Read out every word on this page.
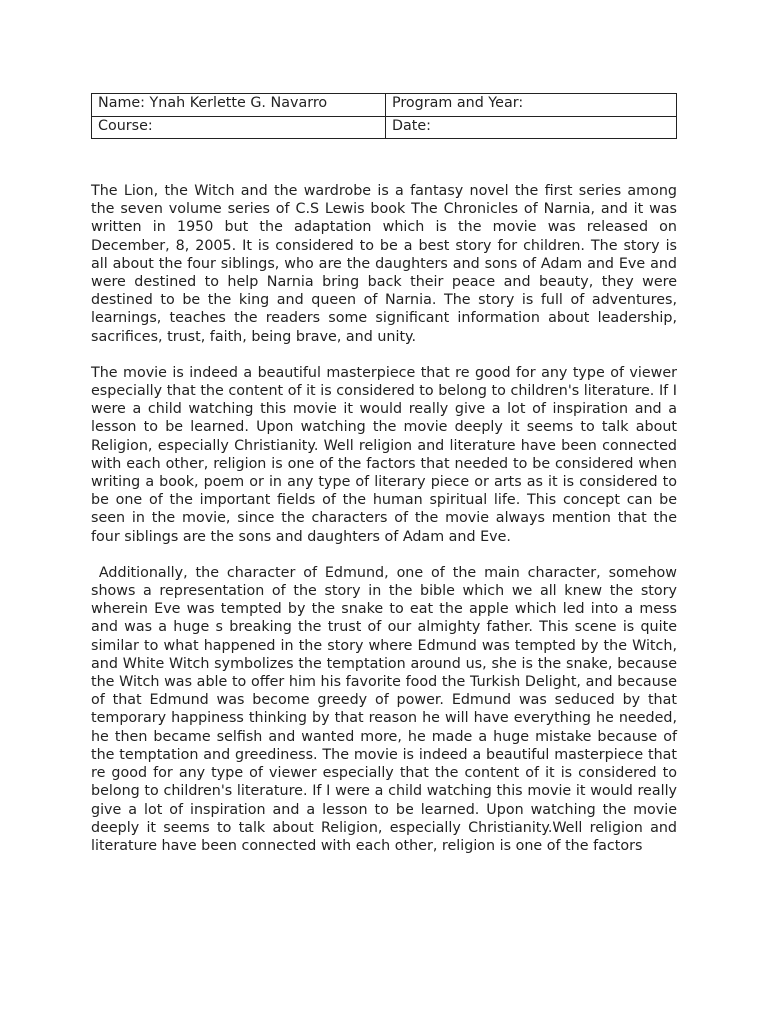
Name: Ynah Kerlette G. Navarro	Program and Year:
Course:	Date:

The Lion, the Witch and the wardrobe is a fantasy novel the first series among the seven volume series of C.S Lewis book The Chronicles of Narnia, and it was written in 1950 but the adaptation which is the movie was released on December, 8, 2005. It is considered to be a best story for children. The story is all about the four siblings, who are the daughters and sons of Adam and Eve and were destined to help Narnia bring back their peace and beauty, they were destined to be the king and queen of Narnia. The story is full of adventures, learnings, teaches the readers some significant information about leadership, sacrifices, trust, faith, being brave, and unity.

The movie is indeed a beautiful masterpiece that re good for any type of viewer especially that the content of it is considered to belong to children's literature. If I were a child watching this movie it would really give a lot of inspiration and a lesson to be learned. Upon watching the movie deeply it seems to talk about Religion, especially Christianity. Well religion and literature have been connected with each other, religion is one of the factors that needed to be considered when writing a book, poem or in any type of literary piece or arts as it is considered to be one of the important fields of the human spiritual life. This concept can be seen in the movie, since the characters of the movie always mention that the four siblings are the sons and daughters of Adam and Eve.

Additionally, the character of Edmund, one of the main character, somehow shows a representation of the story in the bible which we all knew the story wherein Eve was tempted by the snake to eat the apple which led into a mess and was a huge s breaking the trust of our almighty father. This scene is quite similar to what happened in the story where Edmund was tempted by the Witch, and White Witch symbolizes the temptation around us, she is the snake, because the Witch was able to offer him his favorite food the Turkish Delight, and because of that Edmund was become greedy of power. Edmund was seduced by that temporary happiness thinking by that reason he will have everything he needed, he then became selfish and wanted more, he made a huge mistake because of the temptation and greediness. The movie is indeed a beautiful masterpiece that re good for any type of viewer especially that the content of it is considered to belong to children's literature. If I were a child watching this movie it would really give a lot of inspiration and a lesson to be learned. Upon watching the movie deeply it seems to talk about Religion, especially Christianity.Well religion and literature have been connected with each other, religion is one of the factors
